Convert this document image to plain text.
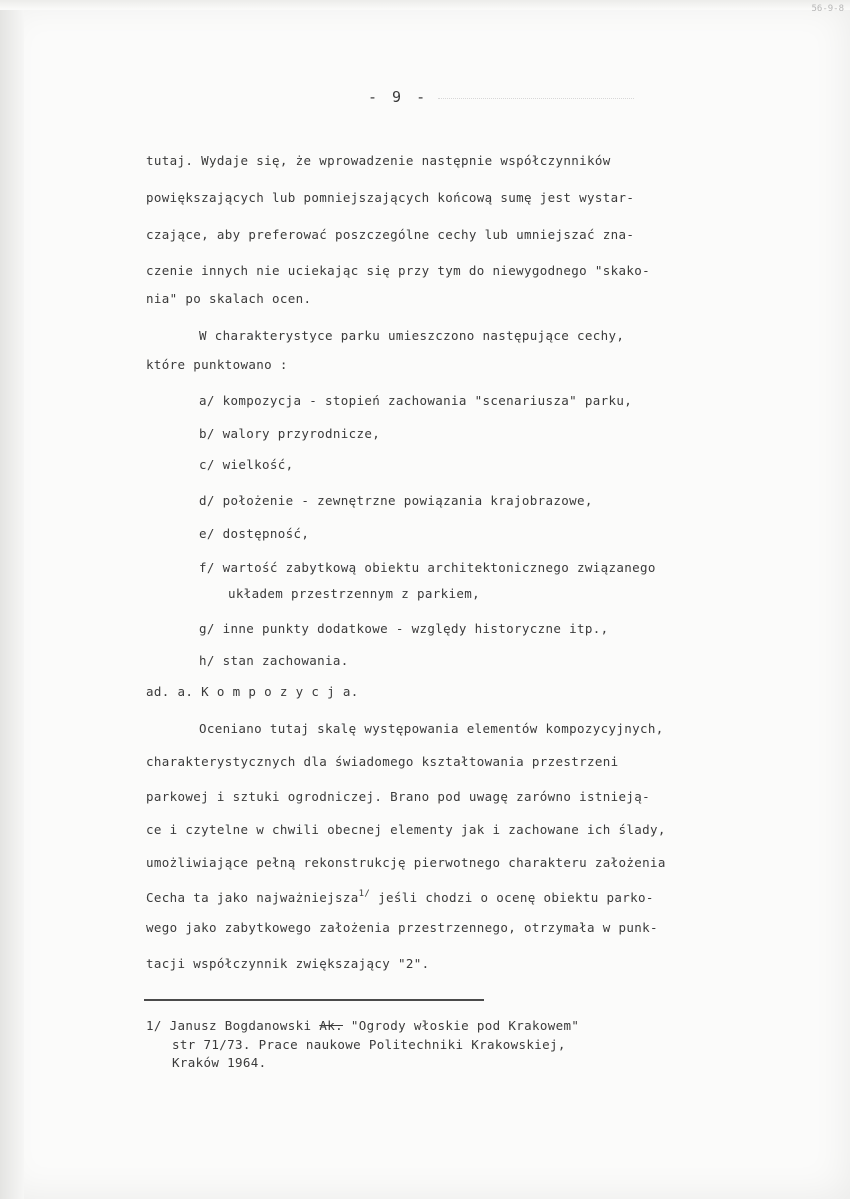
56-9-8
- 9 -
tutaj. Wydaje się, że wprowadzenie następnie współczynników
powiększających lub pomniejszających końcową sumę jest wystar-
czające, aby preferować poszczególne cechy lub umniejszać zna-
czenie innych nie uciekając się przy tym do niewygodnego "skako-
nia" po skalach ocen.
W charakterystyce parku umieszczono następujące cechy,
które punktowano :
a/ kompozycja - stopień zachowania "scenariusza" parku,
b/ walory przyrodnicze,
c/ wielkość,
d/ położenie - zewnętrzne powiązania krajobrazowe,
e/ dostępność,
f/ wartość zabytkową obiektu architektonicznego związanego
układem przestrzennym z parkiem,
g/ inne punkty dodatkowe - względy historyczne itp.,
h/ stan zachowania.
ad. a. K o m p o z y c j a.
Oceniano tutaj skalę występowania elementów kompozycyjnych,
charakterystycznych dla świadomego kształtowania przestrzeni
parkowej i sztuki ogrodniczej. Brano pod uwagę zarówno istnieją-
ce i czytelne w chwili obecnej elementy jak i zachowane ich ślady,
umożliwiające pełną rekonstrukcję pierwotnego charakteru założenia
Cecha ta jako najważniejsza$^{1/}$ jeśli chodzi o ocenę obiektu parko-
wego jako zabytkowego założenia przestrzennego, otrzymała w punk-
tacji współczynnik zwiększający "2".
1/ Janusz Bogdanowski Ak. "Ogrody włoskie pod Krakowem"
str 71/73. Prace naukowe Politechniki Krakowskiej,
Kraków 1964.
